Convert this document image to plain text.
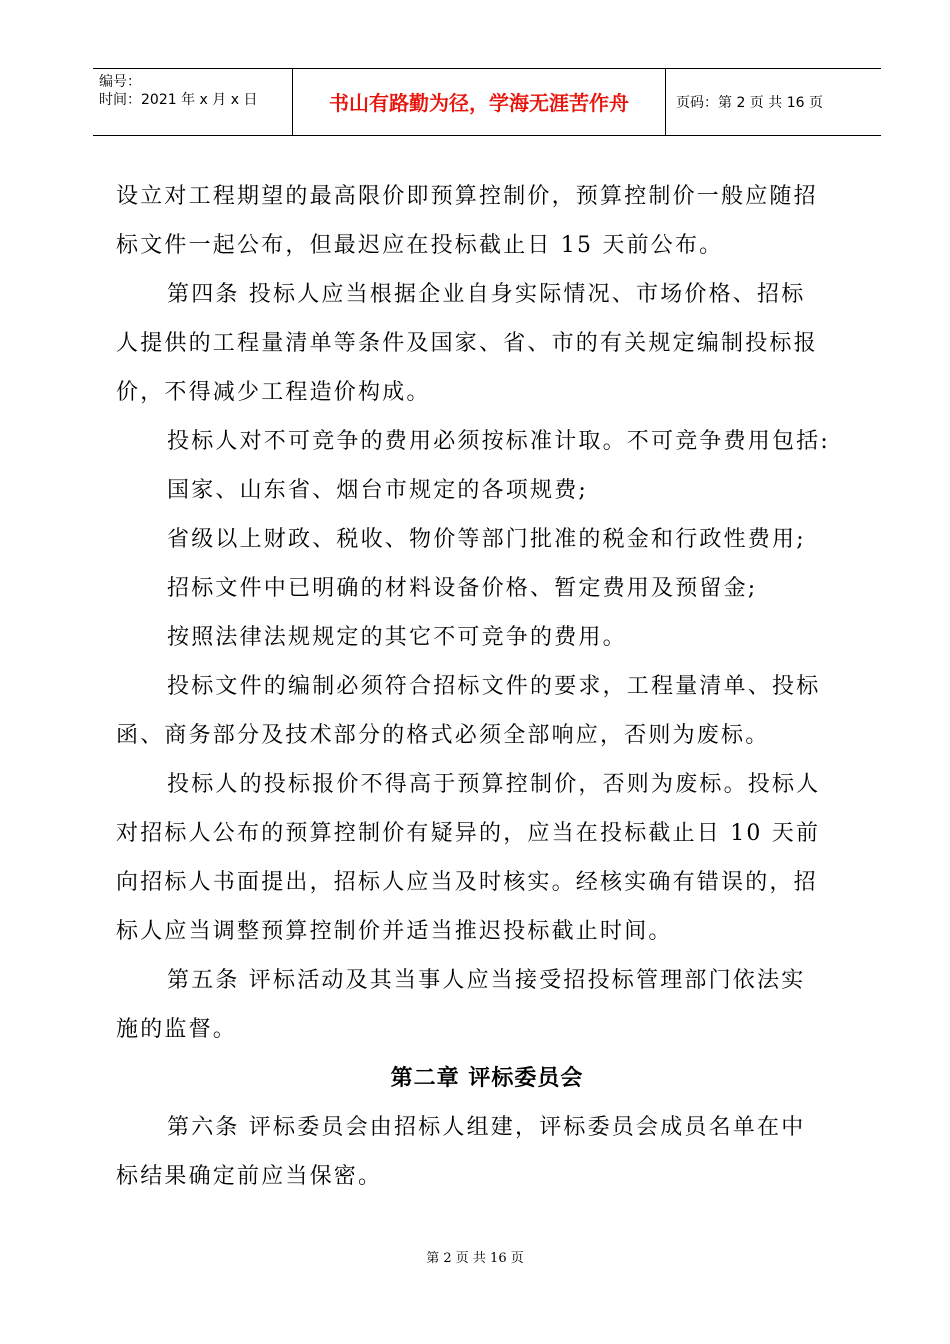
编号：
时间：2021 年 x 月 x 日	书山有路勤为径，学海无涯苦作舟	页码：第 2 页 共 16 页
设立对工程期望的最高限价即预算控制价，预算控制价一般应随招
标文件一起公布，但最迟应在投标截止日 15 天前公布。
第四条 投标人应当根据企业自身实际情况、市场价格、招标
人提供的工程量清单等条件及国家、省、市的有关规定编制投标报
价，不得减少工程造价构成。
投标人对不可竞争的费用必须按标准计取。不可竞争费用包括:
国家、山东省、烟台市规定的各项规费;
省级以上财政、税收、物价等部门批准的税金和行政性费用;
招标文件中已明确的材料设备价格、暂定费用及预留金;
按照法律法规规定的其它不可竞争的费用。
投标文件的编制必须符合招标文件的要求，工程量清单、投标
函、商务部分及技术部分的格式必须全部响应，否则为废标。
投标人的投标报价不得高于预算控制价，否则为废标。投标人
对招标人公布的预算控制价有疑异的，应当在投标截止日 10 天前
向招标人书面提出，招标人应当及时核实。经核实确有错误的，招
标人应当调整预算控制价并适当推迟投标截止时间。
第五条 评标活动及其当事人应当接受招投标管理部门依法实
施的监督。
第二章 评标委员会
第六条 评标委员会由招标人组建，评标委员会成员名单在中
标结果确定前应当保密。
第 2 页 共 16 页
